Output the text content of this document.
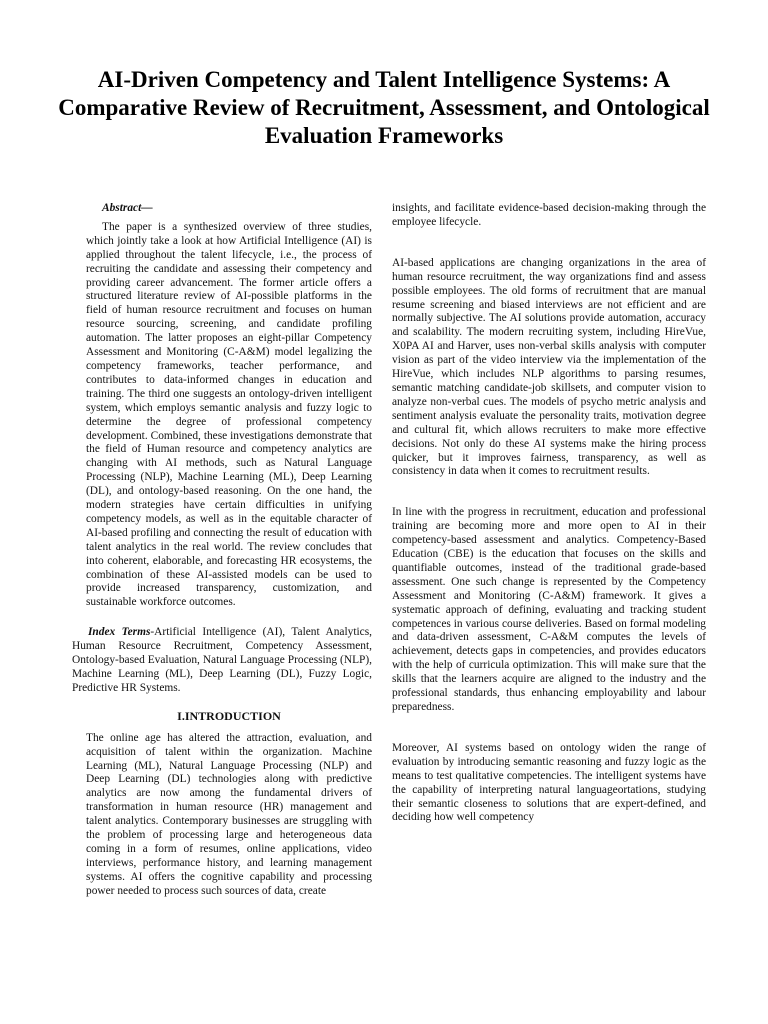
AI-Driven Competency and Talent Intelligence Systems: A Comparative Review of Recruitment, Assessment, and Ontological Evaluation Frameworks

Abstract—

The paper is a synthesized overview of three studies, which jointly take a look at how Artificial Intelligence (AI) is applied throughout the talent lifecycle, i.e., the process of recruiting the candidate and assessing their competency and providing career advancement. The former article offers a structured literature review of AI-possible platforms in the field of human resource recruitment and focuses on human resource sourcing, screening, and candidate profiling automation. The latter proposes an eight-pillar Competency Assessment and Monitoring (C-A&M) model legalizing the competency frameworks, teacher performance, and contributes to data-informed changes in education and training. The third one suggests an ontology-driven intelligent system, which employs semantic analysis and fuzzy logic to determine the degree of professional competency development. Combined, these investigations demonstrate that the field of Human resource and competency analytics are changing with AI methods, such as Natural Language Processing (NLP), Machine Learning (ML), Deep Learning (DL), and ontology-based reasoning. On the one hand, the modern strategies have certain difficulties in unifying competency models, as well as in the equitable character of AI-based profiling and connecting the result of education with talent analytics in the real world. The review concludes that into coherent, elaborable, and forecasting HR ecosystems, the combination of these AI-assisted models can be used to provide increased transparency, customization, and sustainable workforce outcomes.

Index Terms-Artificial Intelligence (AI), Talent Analytics, Human Resource Recruitment, Competency Assessment, Ontology-based Evaluation, Natural Language Processing (NLP), Machine Learning (ML), Deep Learning (DL), Fuzzy Logic, Predictive HR Systems.

I.INTRODUCTION

The online age has altered the attraction, evaluation, and acquisition of talent within the organization. Machine Learning (ML), Natural Language Processing (NLP) and Deep Learning (DL) technologies along with predictive analytics are now among the fundamental drivers of transformation in human resource (HR) management and talent analytics. Contemporary businesses are struggling with the problem of processing large and heterogeneous data coming in a form of resumes, online applications, video interviews, performance history, and learning management systems. AI offers the cognitive capability and processing power needed to process such sources of data, create

insights, and facilitate evidence-based decision-making through the employee lifecycle.

AI-based applications are changing organizations in the area of human resource recruitment, the way organizations find and assess possible employees. The old forms of recruitment that are manual resume screening and biased interviews are not efficient and are normally subjective. The AI solutions provide automation, accuracy and scalability. The modern recruiting system, including HireVue, X0PA AI and Harver, uses non-verbal skills analysis with computer vision as part of the video interview via the implementation of the HireVue, which includes NLP algorithms to parsing resumes, semantic matching candidate-job skillsets, and computer vision to analyze non-verbal cues. The models of psycho metric analysis and sentiment analysis evaluate the personality traits, motivation degree and cultural fit, which allows recruiters to make more effective decisions. Not only do these AI systems make the hiring process quicker, but it improves fairness, transparency, as well as consistency in data when it comes to recruitment results.

In line with the progress in recruitment, education and professional training are becoming more and more open to AI in their competency-based assessment and analytics. Competency-Based Education (CBE) is the education that focuses on the skills and quantifiable outcomes, instead of the traditional grade-based assessment. One such change is represented by the Competency Assessment and Monitoring (C-A&M) framework. It gives a systematic approach of defining, evaluating and tracking student competences in various course deliveries. Based on formal modeling and data-driven assessment, C-A&M computes the levels of achievement, detects gaps in competencies, and provides educators with the help of curricula optimization. This will make sure that the skills that the learners acquire are aligned to the industry and the professional standards, thus enhancing employability and labour preparedness.

Moreover, AI systems based on ontology widen the range of evaluation by introducing semantic reasoning and fuzzy logic as the means to test qualitative competencies. The intelligent systems have the capability of interpreting natural languageortations, studying their semantic closeness to solutions that are expert-defined, and deciding how well competency
